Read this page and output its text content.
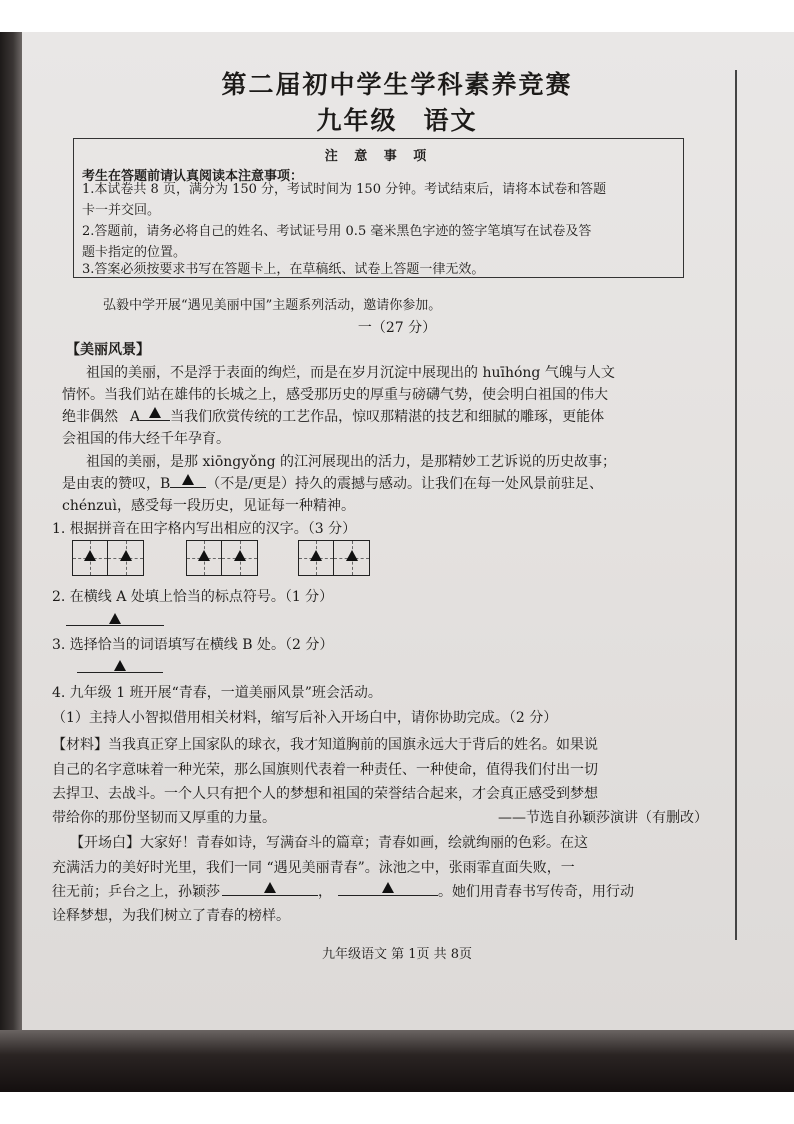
第二届初中学生学科素养竞赛
九年级 语文
注 意 事 项
考生在答题前请认真阅读本注意事项：
1.本试卷共 8 页，满分为 150 分，考试时间为 150 分钟。考试结束后，请将本试卷和答题
卡一并交回。
2.答题前，请务必将自己的姓名、考试证号用 0.5 毫米黑色字迹的签字笔填写在试卷及答
题卡指定的位置。
3.答案必须按要求书写在答题卡上，在草稿纸、试卷上答题一律无效。
弘毅中学开展“遇见美丽中国”主题系列活动，邀请你参加。
一（27 分）
【美丽风景】
祖国的美丽，不是浮于表面的绚烂，而是在岁月沉淀中展现出的 huīhóng 气魄与人文
情怀。当我们站在雄伟的长城之上，感受那历史的厚重与磅礴气势，使会明白祖国的伟大
绝非偶然 A 当我们欣赏传统的工艺作品，惊叹那精湛的技艺和细腻的雕琢，更能体
会祖国的伟大经千年孕育。
祖国的美丽，是那 xiōngyǒng 的江河展现出的活力，是那精妙工艺诉说的历史故事；
是由衷的赞叹，B	（不是/更是）持久的震撼与感动。让我们在每一处风景前驻足、
chénzuì，感受每一段历史，见证每一种精神。
1. 根据拼音在田字格内写出相应的汉字。（3 分）
2. 在横线 A 处填上恰当的标点符号。（1 分）
3. 选择恰当的词语填写在横线 B 处。（2 分）
4. 九年级 1 班开展“青春，一道美丽风景”班会活动。
（1）主持人小智拟借用相关材料，缩写后补入开场白中，请你协助完成。（2 分）
【材料】当我真正穿上国家队的球衣，我才知道胸前的国旗永远大于背后的姓名。如果说
自己的名字意味着一种光荣，那么国旗则代表着一种责任、一种使命，值得我们付出一切
去捍卫、去战斗。一个人只有把个人的梦想和祖国的荣誉结合起来，才会真正感受到梦想
带给你的那份坚韧而又厚重的力量。	——节选自孙颖莎演讲（有删改）
【开场白】大家好！青春如诗，写满奋斗的篇章；青春如画，绘就绚丽的色彩。在这
充满活力的美好时光里，我们一同 “遇见美丽青春”。泳池之中，张雨霏直面失败，一
往无前；乒台之上，孙颖莎	，	。她们用青春书写传奇，用行动
诠释梦想，为我们树立了青春的榜样。
九年级语文 第 1页 共 8页
